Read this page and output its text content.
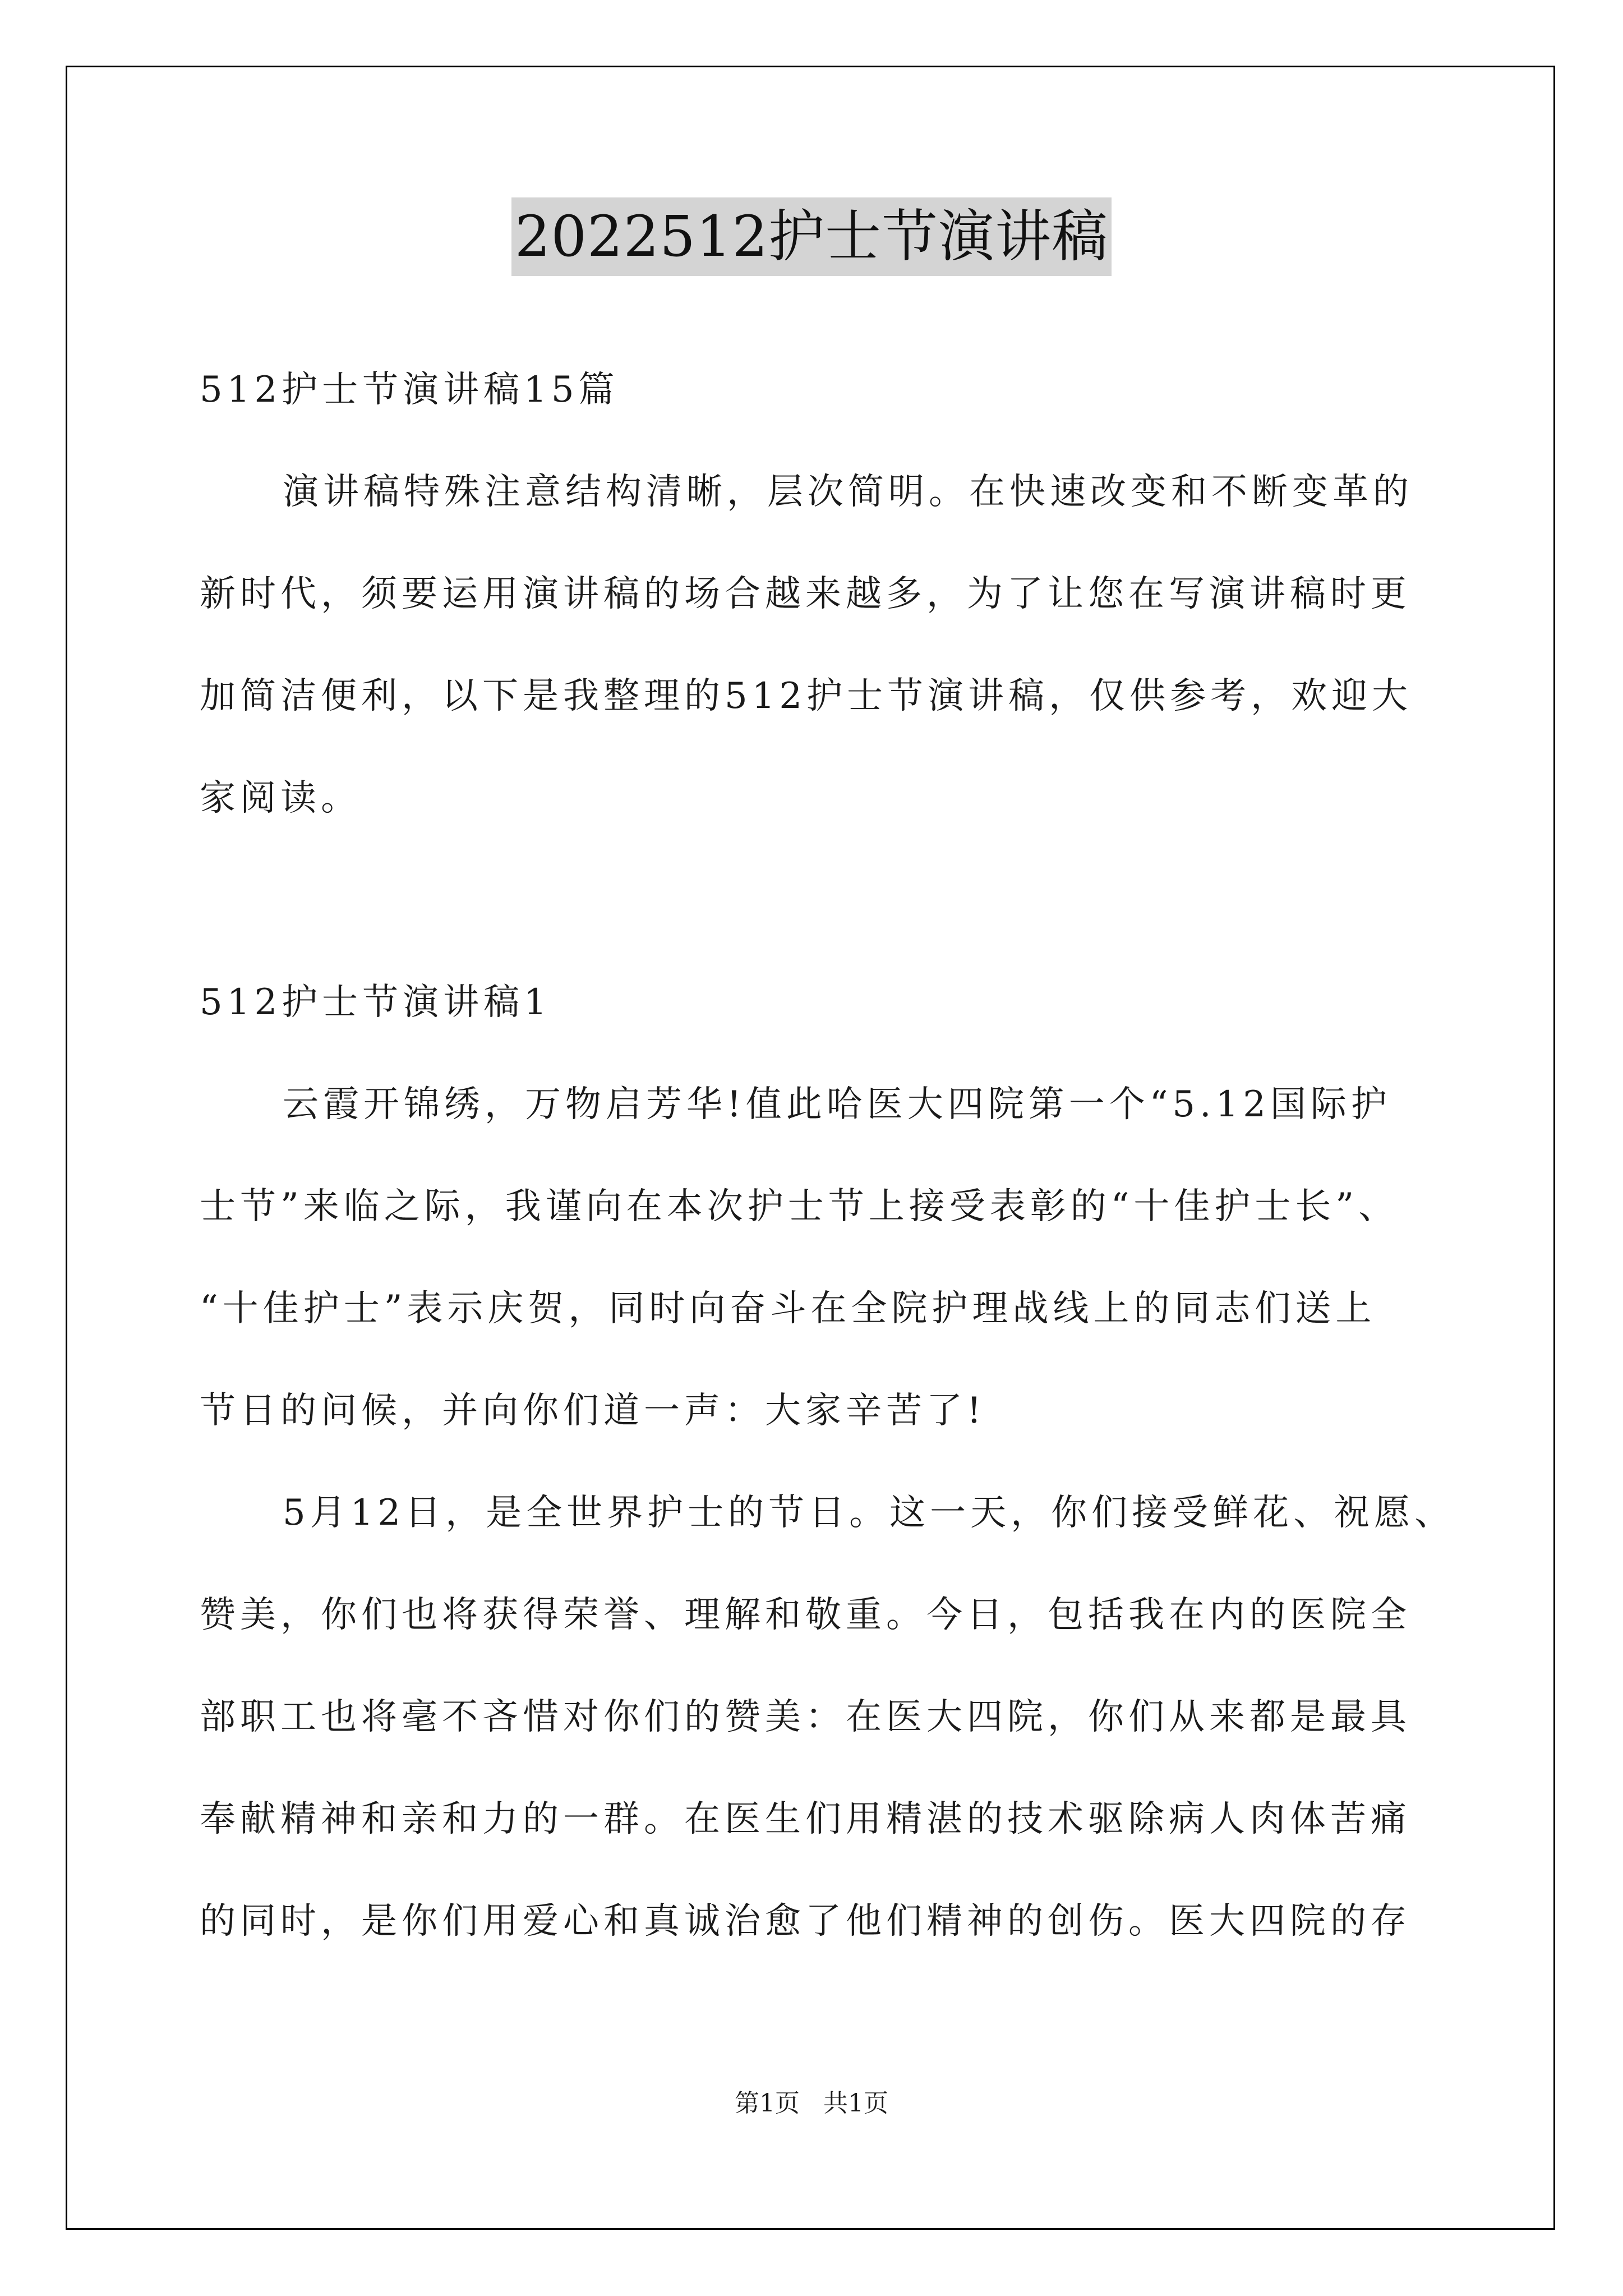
2022512护士节演讲稿
512护士节演讲稿15篇
演讲稿特殊注意结构清晰，层次简明。在快速改变和不断变革的
新时代，须要运用演讲稿的场合越来越多，为了让您在写演讲稿时更
加简洁便利，以下是我整理的512护士节演讲稿，仅供参考，欢迎大
家阅读。
512护士节演讲稿1
云霞开锦绣，万物启芳华!值此哈医大四院第一个“5.12国际护
士节”来临之际，我谨向在本次护士节上接受表彰的“十佳护士长”、
“十佳护士”表示庆贺，同时向奋斗在全院护理战线上的同志们送上
节日的问候，并向你们道一声：大家辛苦了!
5月12日，是全世界护士的节日。这一天，你们接受鲜花、祝愿、
赞美，你们也将获得荣誉、理解和敬重。今日，包括我在内的医院全
部职工也将毫不吝惜对你们的赞美：在医大四院，你们从来都是最具
奉献精神和亲和力的一群。在医生们用精湛的技术驱除病人肉体苦痛
的同时，是你们用爱心和真诚治愈了他们精神的创伤。医大四院的存
第1页   共1页
